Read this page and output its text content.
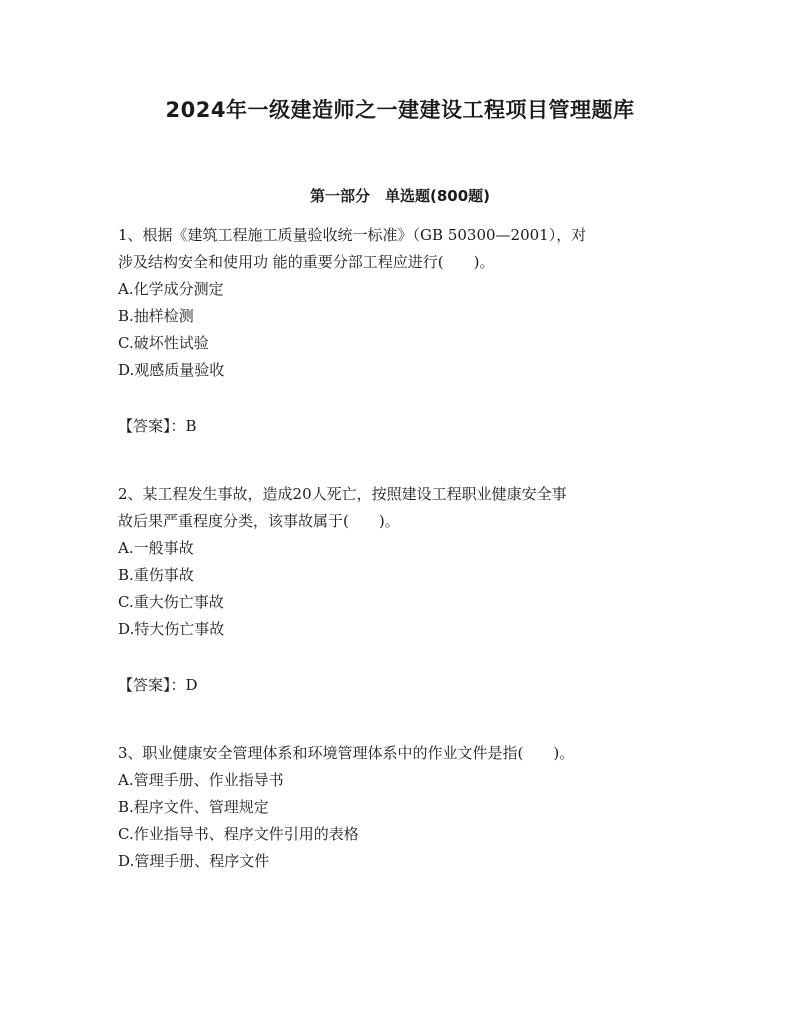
2024年一级建造师之一建建设工程项目管理题库
第一部分　单选题(800题)

1、根据《建筑工程施工质量验收统一标准》（GB 50300—2001），对

涉及结构安全和使用功 能的重要分部工程应进行(　　)。

A.化学成分测定

B.抽样检测

C.破坏性试验

D.观感质量验收

【答案】：B

2、某工程发生事故，造成20人死亡，按照建设工程职业健康安全事

故后果严重程度分类，该事故属于(　　)。

A.一般事故

B.重伤事故

C.重大伤亡事故

D.特大伤亡事故

【答案】：D

3、职业健康安全管理体系和环境管理体系中的作业文件是指(　　)。

A.管理手册、作业指导书

B.程序文件、管理规定

C.作业指导书、程序文件引用的表格

D.管理手册、程序文件
